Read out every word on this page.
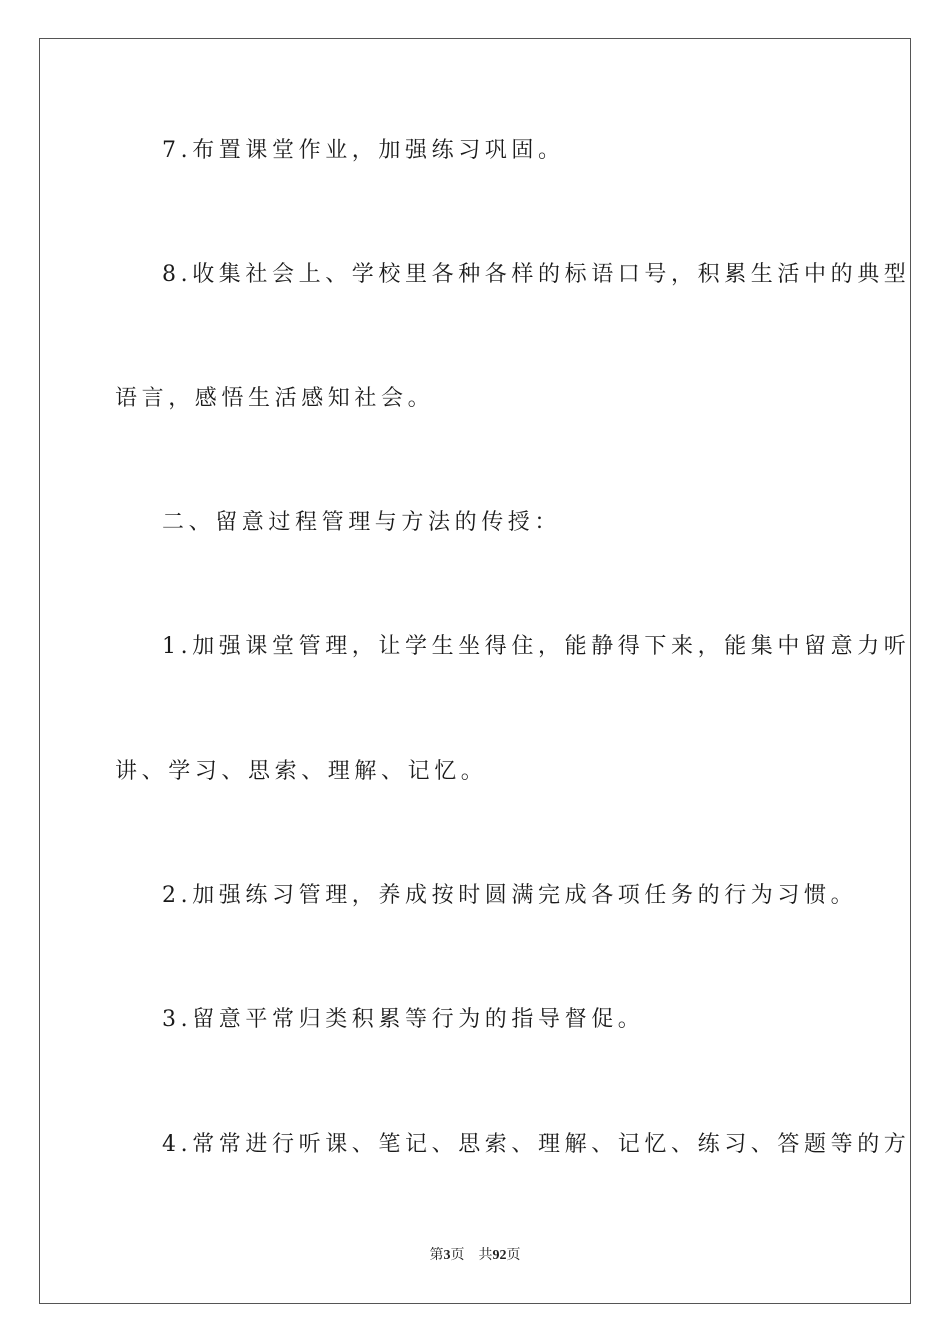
7.布置课堂作业，加强练习巩固。
8.收集社会上、学校里各种各样的标语口号，积累生活中的典型
语言，感悟生活感知社会。
二、留意过程管理与方法的传授：
1.加强课堂管理，让学生坐得住，能静得下来，能集中留意力听
讲、学习、思索、理解、记忆。
2.加强练习管理，养成按时圆满完成各项任务的行为习惯。
3.留意平常归类积累等行为的指导督促。
4.常常进行听课、笔记、思索、理解、记忆、练习、答题等的方
第3页 共92页
